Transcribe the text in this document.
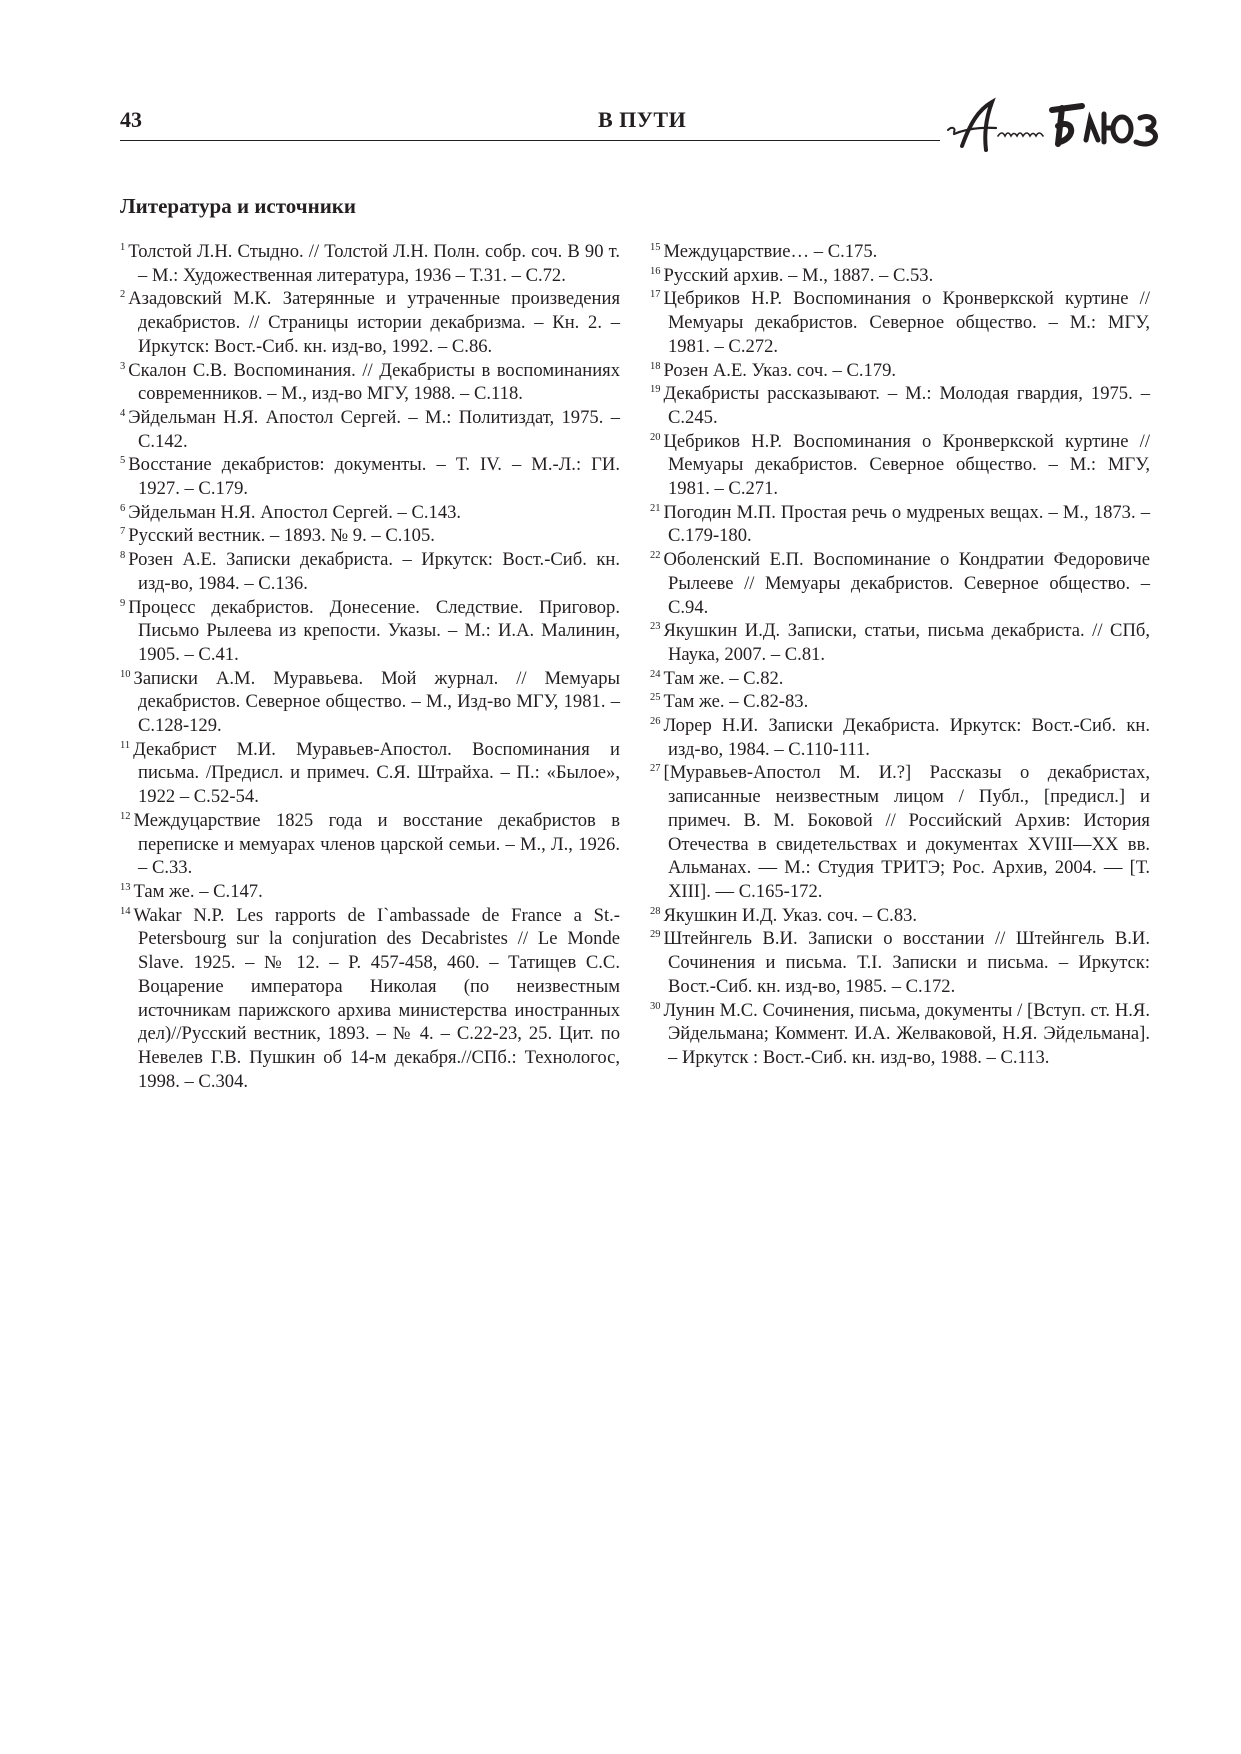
43	В ПУТИ
Литература и источники

$^1$ Толстой Л.Н. Стыдно. // Толстой Л.Н. Полн. собр. соч. В 90 т. – М.: Художественная литература, 1936 – Т.31. – С.72.

$^2$ Азадовский М.К. Затерянные и утраченные произведения декабристов. // Страницы истории декабризма. – Кн. 2. – Иркутск: Вост.-Сиб. кн. изд-во, 1992. – С.86.

$^3$ Скалон С.В. Воспоминания. // Декабристы в воспоминаниях современников. – М., изд-во МГУ, 1988. – С.118.

$^4$ Эйдельман Н.Я. Апостол Сергей. – М.: Политиздат, 1975. – С.142.

$^5$ Восстание декабристов: документы. – Т. IV. – М.-Л.: ГИ. 1927. – С.179.

$^6$ Эйдельман Н.Я. Апостол Сергей. – С.143.

$^7$ Русский вестник. – 1893. № 9. – С.105.

$^8$ Розен А.Е. Записки декабриста. – Иркутск: Вост.-Сиб. кн. изд-во, 1984. – С.136.

$^9$ Процесс декабристов. Донесение. Следствие. Приговор. Письмо Рылеева из крепости. Указы. – М.: И.А. Малинин, 1905. – С.41.

$^{10}$ Записки А.М. Муравьева. Мой журнал. // Мемуары декабристов. Северное общество. – М., Изд-во МГУ, 1981. – С.128-129.

$^{11}$ Декабрист М.И. Муравьев-Апостол. Воспоминания и письма. /Предисл. и примеч. С.Я. Штрайха. – П.: «Былое», 1922 – С.52-54.

$^{12}$ Междуцарствие 1825 года и восстание декабристов в переписке и мемуарах членов царской семьи. – М., Л., 1926. – С.33.

$^{13}$ Там же. – С.147.

$^{14}$ Wakar N.P. Les rapports de I`ambassade de France a St.-Petersbourg sur la conjuration des Decabristes // Le Monde Slave. 1925. – № 12. – P. 457-458, 460. – Татищев С.С. Воцарение императора Николая (по неизвестным источникам парижского архива министерства иностранных дел)//Русский вестник, 1893. – № 4. – С.22-23, 25. Цит. по Невелев Г.В. Пушкин об 14-м декабря.//СПб.: Технологос, 1998. – С.304.

$^{15}$ Междуцарствие… – С.175.

$^{16}$ Русский архив. – М., 1887. – С.53.

$^{17}$ Цебриков Н.Р. Воспоминания о Кронверкской куртине // Мемуары декабристов. Северное общество. – М.: МГУ, 1981. – С.272.

$^{18}$ Розен А.Е. Указ. соч. – С.179.

$^{19}$ Декабристы рассказывают. – М.: Молодая гвардия, 1975. – С.245.

$^{20}$ Цебриков Н.Р. Воспоминания о Кронверкской куртине // Мемуары декабристов. Северное общество. – М.: МГУ, 1981. – С.271.

$^{21}$ Погодин М.П. Простая речь о мудреных вещах. – М., 1873. – С.179-180.

$^{22}$ Оболенский Е.П. Воспоминание о Кондратии Федоровиче Рылееве // Мемуары декабристов. Северное общество. – С.94.

$^{23}$ Якушкин И.Д. Записки, статьи, письма декабриста. // СПб, Наука, 2007. – С.81.

$^{24}$ Там же. – С.82.

$^{25}$ Там же. – С.82-83.

$^{26}$ Лорер Н.И. Записки Декабриста. Иркутск: Вост.-Сиб. кн. изд-во, 1984. – С.110-111.

$^{27}$ [Муравьев-Апостол М. И.?] Рассказы о декабристах, записанные неизвестным лицом / Публ., [предисл.] и примеч. В. М. Боковой // Российский Архив: История Отечества в свидетельствах и документах XVIII—XX вв. Альманах. — М.: Студия ТРИТЭ; Рос. Архив, 2004. — [Т. XIII]. — С.165-172.

$^{28}$ Якушкин И.Д. Указ. соч. – С.83.

$^{29}$ Штейнгель В.И. Записки о восстании // Штейнгель В.И. Сочинения и письма. Т.I. Записки и письма. – Иркутск: Вост.-Сиб. кн. изд-во, 1985. – С.172.

$^{30}$ Лунин М.С. Сочинения, письма, документы / [Вступ. ст. Н.Я. Эйдельмана; Коммент. И.А. Желваковой, Н.Я. Эйдельмана]. – Иркутск : Вост.-Сиб. кн. изд-во, 1988. – С.113.
